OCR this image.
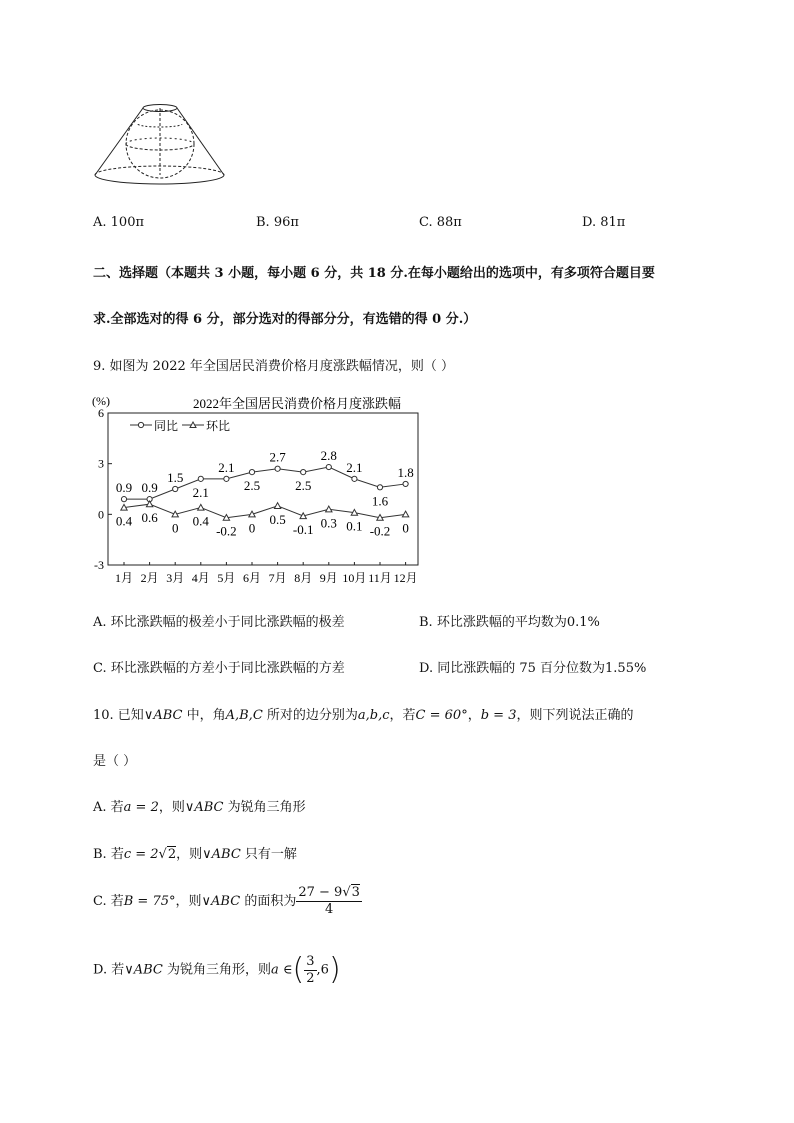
A. 100π	B. 96π	C. 88π	D. 81π
二、选择题（本题共 3 小题，每小题 6 分，共 18 分.在每小题给出的选项中，有多项符合题目要
求.全部选对的得 6 分，部分选对的得部分分，有选错的得 0 分.）
9. 如图为 2022 年全国居民消费价格月度涨跌幅情况，则（ ）
(%)	2022年全国居民消费价格月度涨跌幅
6
3
0
-3
1月 2月 3月 4月 5月 6月 7月 8月 9月 10月 11月 12月
同比 环比
0.9 0.9
1.5
2.1
2.1
2.5
2.7
2.5
2.8
2.1
1.6
1.8
0.4 0.6
0 0.4
-0.2 0
0.5
-0.1 0.3 0.1 -0.2 0
A. 环比涨跌幅的极差小于同比涨跌幅的极差	B. 环比涨跌幅的平均数为0.1%
C. 环比涨跌幅的方差小于同比涨跌幅的方差	D. 同比涨跌幅的 75 百分位数为1.55%
10. 已知∨ABC 中，角A,B,C 所对的边分别为a,b,c，若C = 60°，b = 3，则下列说法正确的
是（ ）
A. 若a = 2，则∨ABC 为锐角三角形
B. 若c = 2√2，则∨ABC 只有一解
C. 若B = 75°，则∨ABC 的面积为 $\frac{27 - 9√3}{4}$
D. 若∨ABC 为锐角三角形，则a ∈( $\frac{3}{2} ,6$)
